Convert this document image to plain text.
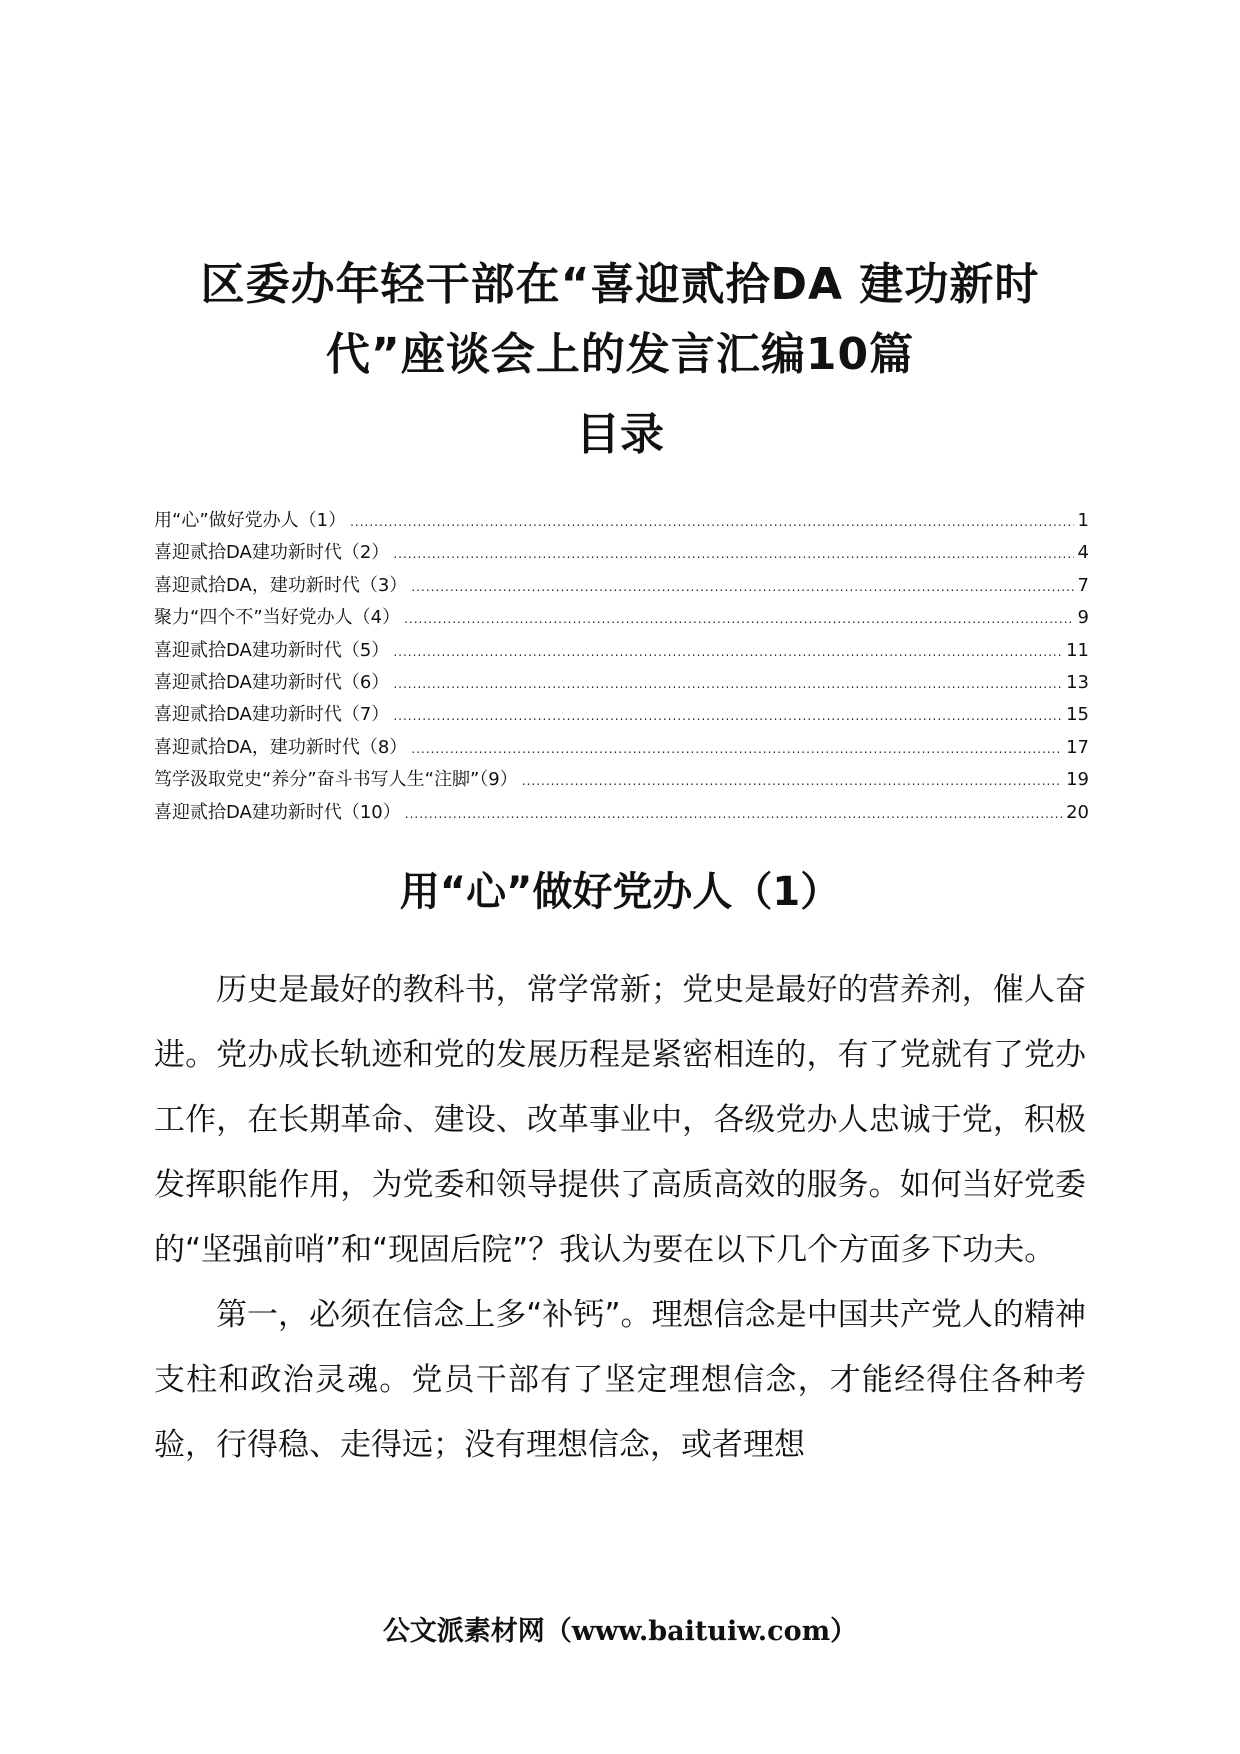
区委办年轻干部在“喜迎贰拾DA 建功新时代”座谈会上的发言汇编10篇
目录
用“心”做好党办人（1） .....	1
喜迎贰拾DA建功新时代（2） .....	4
喜迎贰拾DA，建功新时代（3） .....	7
聚力“四个不”当好党办人（4） .....	9
喜迎贰拾DA建功新时代（5） .....	11
喜迎贰拾DA建功新时代（6） .....	13
喜迎贰拾DA建功新时代（7） .....	15
喜迎贰拾DA，建功新时代（8） .....	17
笃学汲取党史“养分”奋斗书写人生“注脚”（9） .....	19
喜迎贰拾DA建功新时代（10） .....	20
用“心”做好党办人（1）

历史是最好的教科书，常学常新；党史是最好的营养剂，催人奋进。党办成长轨迹和党的发展历程是紧密相连的，有了党就有了党办工作，在长期革命、建设、改革事业中，各级党办人忠诚于党，积极发挥职能作用，为党委和领导提供了高质高效的服务。如何当好党委的“坚强前哨”和“现固后院”？我认为要在以下几个方面多下功夫。

第一，必须在信念上多“补钙”。理想信念是中国共产党人的精神支柱和政治灵魂。党员干部有了坚定理想信念，才能经得住各种考验，行得稳、走得远；没有理想信念，或者理想

公文派素材网（www.baituiw.com）
